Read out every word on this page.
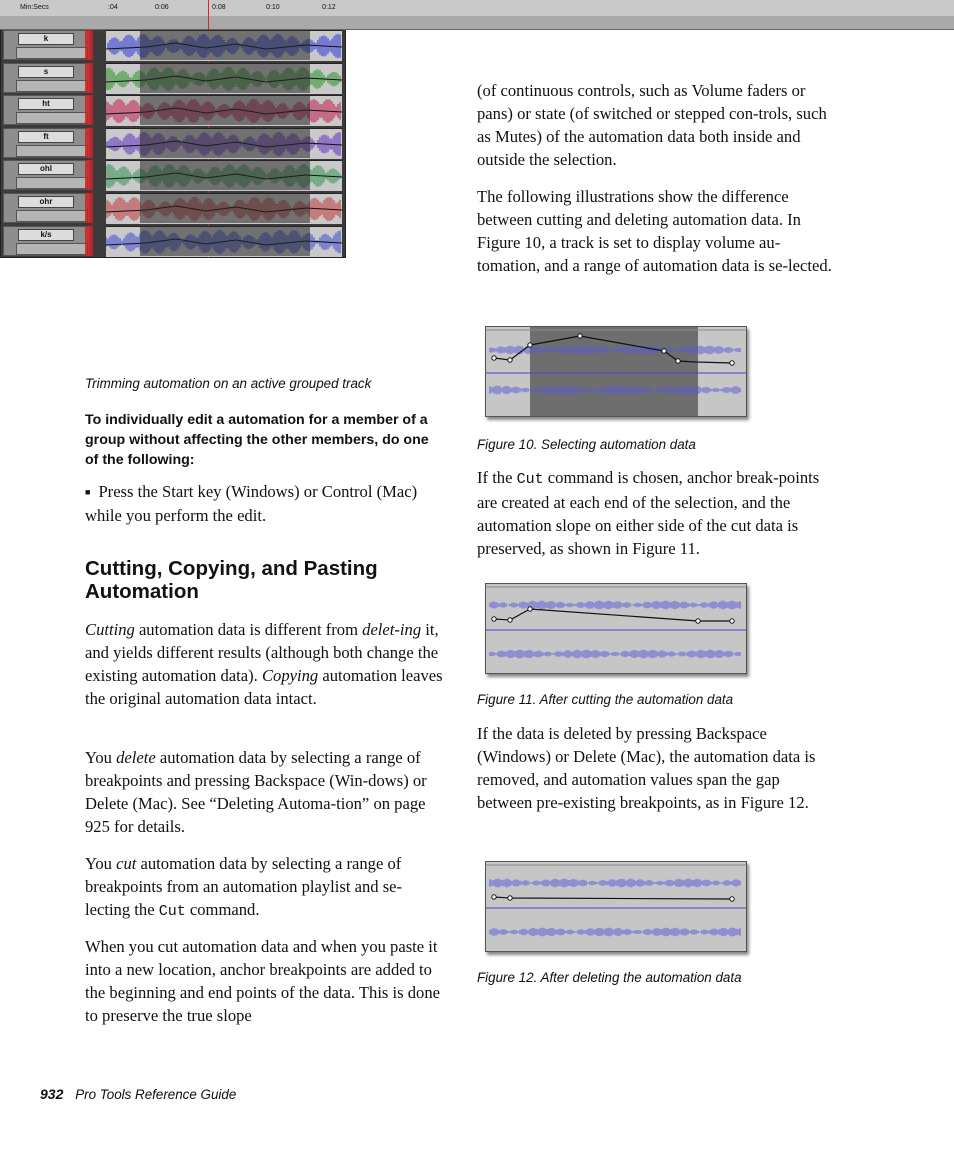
Min:Secs	:04	0:06	0:08	0:10	0:12
k
s
ht
ft
ohl
ohr
k/s
Trimming automation on an active grouped track
To individually edit a automation for a member of a group without affecting the other members, do one of the following:
■ Press the Start key (Windows) or Control (Mac) while you perform the edit.
Cutting, Copying, and Pasting
Automation

Cutting automation data is different from delet-ing it, and yields different results (although both change the existing automation data). Copying automation leaves the original automation data intact.

You delete automation data by selecting a range of breakpoints and pressing Backspace (Win-dows) or Delete (Mac). See “Deleting Automa-tion” on page 925 for details.

You cut automation data by selecting a range of breakpoints from an automation playlist and se-lecting the Cut command.

When you cut automation data and when you paste it into a new location, anchor breakpoints are added to the beginning and end points of the data. This is done to preserve the true slope

(of continuous controls, such as Volume faders or pans) or state (of switched or stepped con-trols, such as Mutes) of the automation data both inside and outside the selection.

The following illustrations show the difference between cutting and deleting automation data. In Figure 10, a track is set to display volume au-tomation, and a range of automation data is se-lected.

Figure 10. Selecting automation data

If the Cut command is chosen, anchor break-points are created at each end of the selection, and the automation slope on either side of the cut data is preserved, as shown in Figure 11.

Figure 11. After cutting the automation data

If the data is deleted by pressing Backspace (Windows) or Delete (Mac), the automation data is removed, and automation values span the gap between pre-existing breakpoints, as in Figure 12.

Figure 12. After deleting the automation data
932 Pro Tools Reference Guide
